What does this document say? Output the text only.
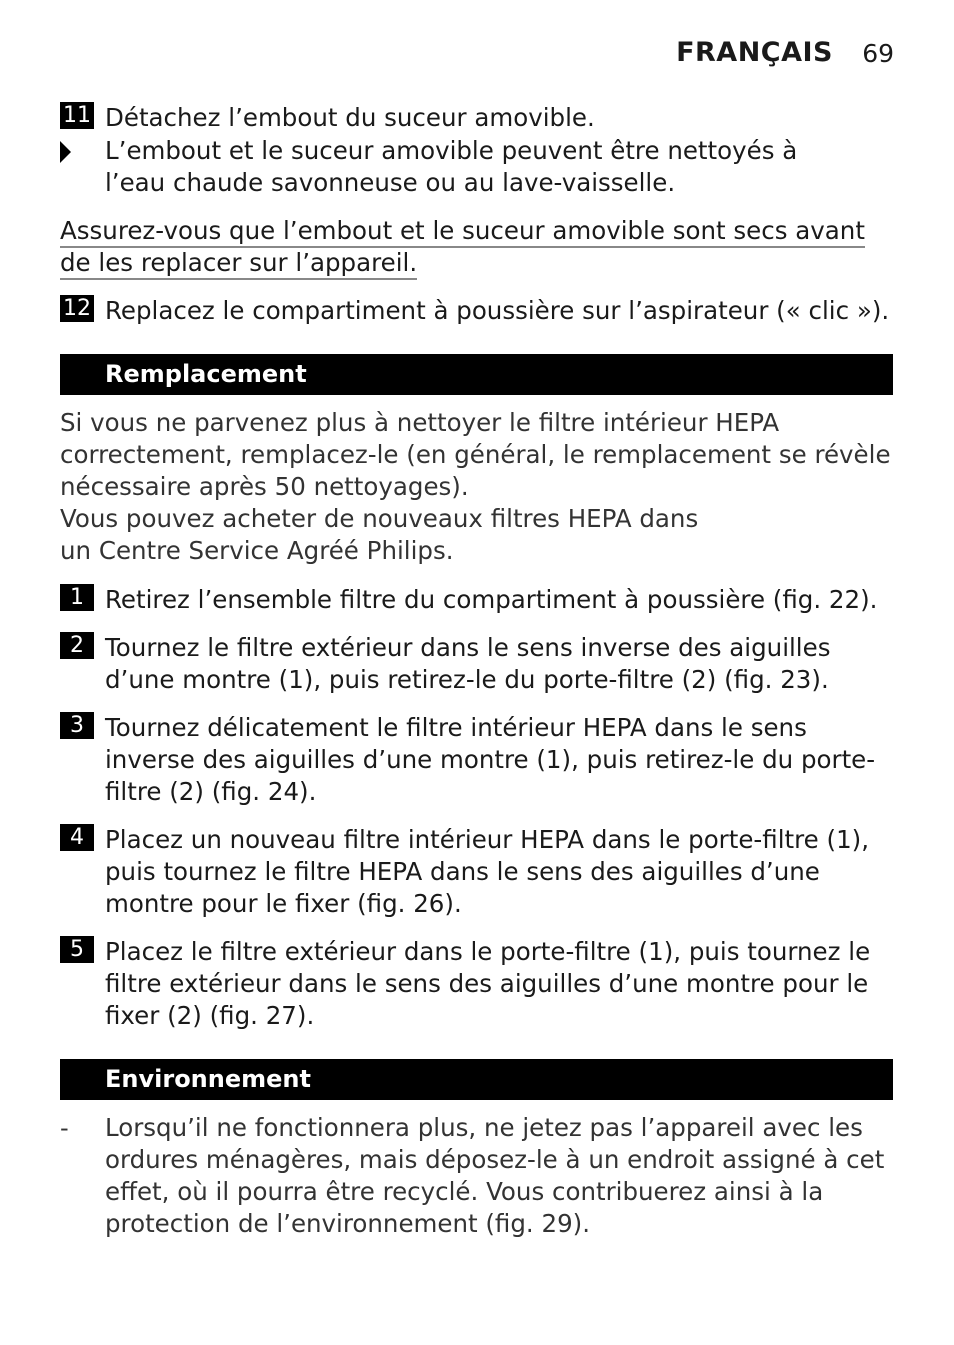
FRANÇAIS 69
11 Détachez l’embout du suceur amovible.
L’embout et le suceur amovible peuvent être nettoyés à l’eau chaude savonneuse ou au lave-vaisselle.
Assurez-vous que l’embout et le suceur amovible sont secs avant de les replacer sur l’appareil.
12 Replacez le compartiment à poussière sur l’aspirateur (« clic »).
Remplacement
Si vous ne parvenez plus à nettoyer le filtre intérieur HEPA correctement, remplacez-le (en général, le remplacement se révèle nécessaire après 50 nettoyages).
Vous pouvez acheter de nouveaux filtres HEPA dans un Centre Service Agréé Philips.
1 Retirez l’ensemble filtre du compartiment à poussière (fig. 22).
2 Tournez le filtre extérieur dans le sens inverse des aiguilles d’une montre (1), puis retirez-le du porte-filtre (2) (fig. 23).
3 Tournez délicatement le filtre intérieur HEPA dans le sens inverse des aiguilles d’une montre (1), puis retirez-le du porte-filtre (2) (fig. 24).
4 Placez un nouveau filtre intérieur HEPA dans le porte-filtre (1), puis tournez le filtre HEPA dans le sens des aiguilles d’une montre pour le fixer (fig. 26).
5 Placez le filtre extérieur dans le porte-filtre (1), puis tournez le filtre extérieur dans le sens des aiguilles d’une montre pour le fixer (2) (fig. 27).
Environnement
- Lorsqu’il ne fonctionnera plus, ne jetez pas l’appareil avec les ordures ménagères, mais déposez-le à un endroit assigné à cet effet, où il pourra être recyclé. Vous contribuerez ainsi à la protection de l’environnement (fig. 29).
